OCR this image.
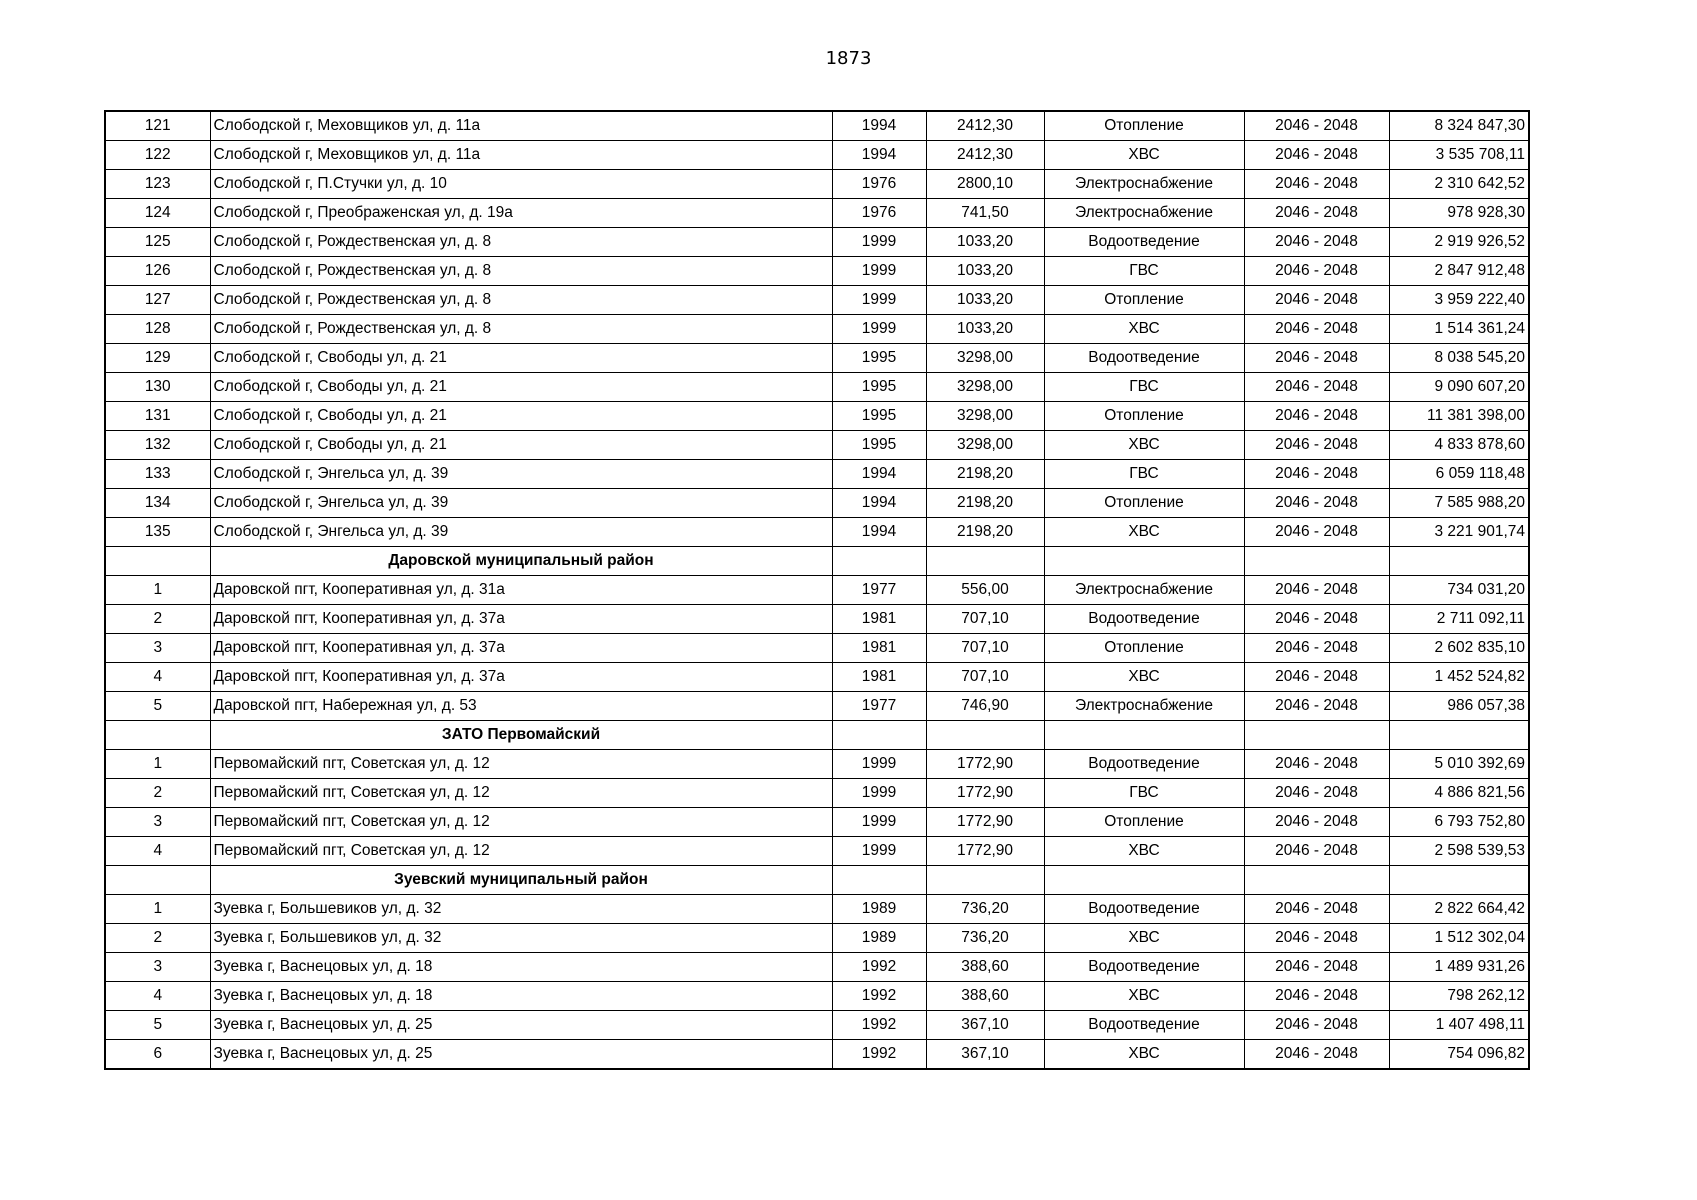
1873
121	Слободской г, Меховщиков ул, д. 11а	1994	2412,30	Отопление	2046 - 2048	8 324 847,30
122	Слободской г, Меховщиков ул, д. 11а	1994	2412,30	ХВС	2046 - 2048	3 535 708,11
123	Слободской г, П.Стучки ул, д. 10	1976	2800,10	Электроснабжение	2046 - 2048	2 310 642,52
124	Слободской г, Преображенская ул, д. 19а	1976	741,50	Электроснабжение	2046 - 2048	978 928,30
125	Слободской г, Рождественская ул, д. 8	1999	1033,20	Водоотведение	2046 - 2048	2 919 926,52
126	Слободской г, Рождественская ул, д. 8	1999	1033,20	ГВС	2046 - 2048	2 847 912,48
127	Слободской г, Рождественская ул, д. 8	1999	1033,20	Отопление	2046 - 2048	3 959 222,40
128	Слободской г, Рождественская ул, д. 8	1999	1033,20	ХВС	2046 - 2048	1 514 361,24
129	Слободской г, Свободы ул, д. 21	1995	3298,00	Водоотведение	2046 - 2048	8 038 545,20
130	Слободской г, Свободы ул, д. 21	1995	3298,00	ГВС	2046 - 2048	9 090 607,20
131	Слободской г, Свободы ул, д. 21	1995	3298,00	Отопление	2046 - 2048	11 381 398,00
132	Слободской г, Свободы ул, д. 21	1995	3298,00	ХВС	2046 - 2048	4 833 878,60
133	Слободской г, Энгельса ул, д. 39	1994	2198,20	ГВС	2046 - 2048	6 059 118,48
134	Слободской г, Энгельса ул, д. 39	1994	2198,20	Отопление	2046 - 2048	7 585 988,20
135	Слободской г, Энгельса ул, д. 39	1994	2198,20	ХВС	2046 - 2048	3 221 901,74
	Даровской муниципальный район					
1	Даровской пгт, Кооперативная ул, д. 31а	1977	556,00	Электроснабжение	2046 - 2048	734 031,20
2	Даровской пгт, Кооперативная ул, д. 37а	1981	707,10	Водоотведение	2046 - 2048	2 711 092,11
3	Даровской пгт, Кооперативная ул, д. 37а	1981	707,10	Отопление	2046 - 2048	2 602 835,10
4	Даровской пгт, Кооперативная ул, д. 37а	1981	707,10	ХВС	2046 - 2048	1 452 524,82
5	Даровской пгт, Набережная ул, д. 53	1977	746,90	Электроснабжение	2046 - 2048	986 057,38
	ЗАТО Первомайский					
1	Первомайский пгт, Советская ул, д. 12	1999	1772,90	Водоотведение	2046 - 2048	5 010 392,69
2	Первомайский пгт, Советская ул, д. 12	1999	1772,90	ГВС	2046 - 2048	4 886 821,56
3	Первомайский пгт, Советская ул, д. 12	1999	1772,90	Отопление	2046 - 2048	6 793 752,80
4	Первомайский пгт, Советская ул, д. 12	1999	1772,90	ХВС	2046 - 2048	2 598 539,53
	Зуевский муниципальный район					
1	Зуевка г, Большевиков ул, д. 32	1989	736,20	Водоотведение	2046 - 2048	2 822 664,42
2	Зуевка г, Большевиков ул, д. 32	1989	736,20	ХВС	2046 - 2048	1 512 302,04
3	Зуевка г, Васнецовых ул, д. 18	1992	388,60	Водоотведение	2046 - 2048	1 489 931,26
4	Зуевка г, Васнецовых ул, д. 18	1992	388,60	ХВС	2046 - 2048	798 262,12
5	Зуевка г, Васнецовых ул, д. 25	1992	367,10	Водоотведение	2046 - 2048	1 407 498,11
6	Зуевка г, Васнецовых ул, д. 25	1992	367,10	ХВС	2046 - 2048	754 096,82
